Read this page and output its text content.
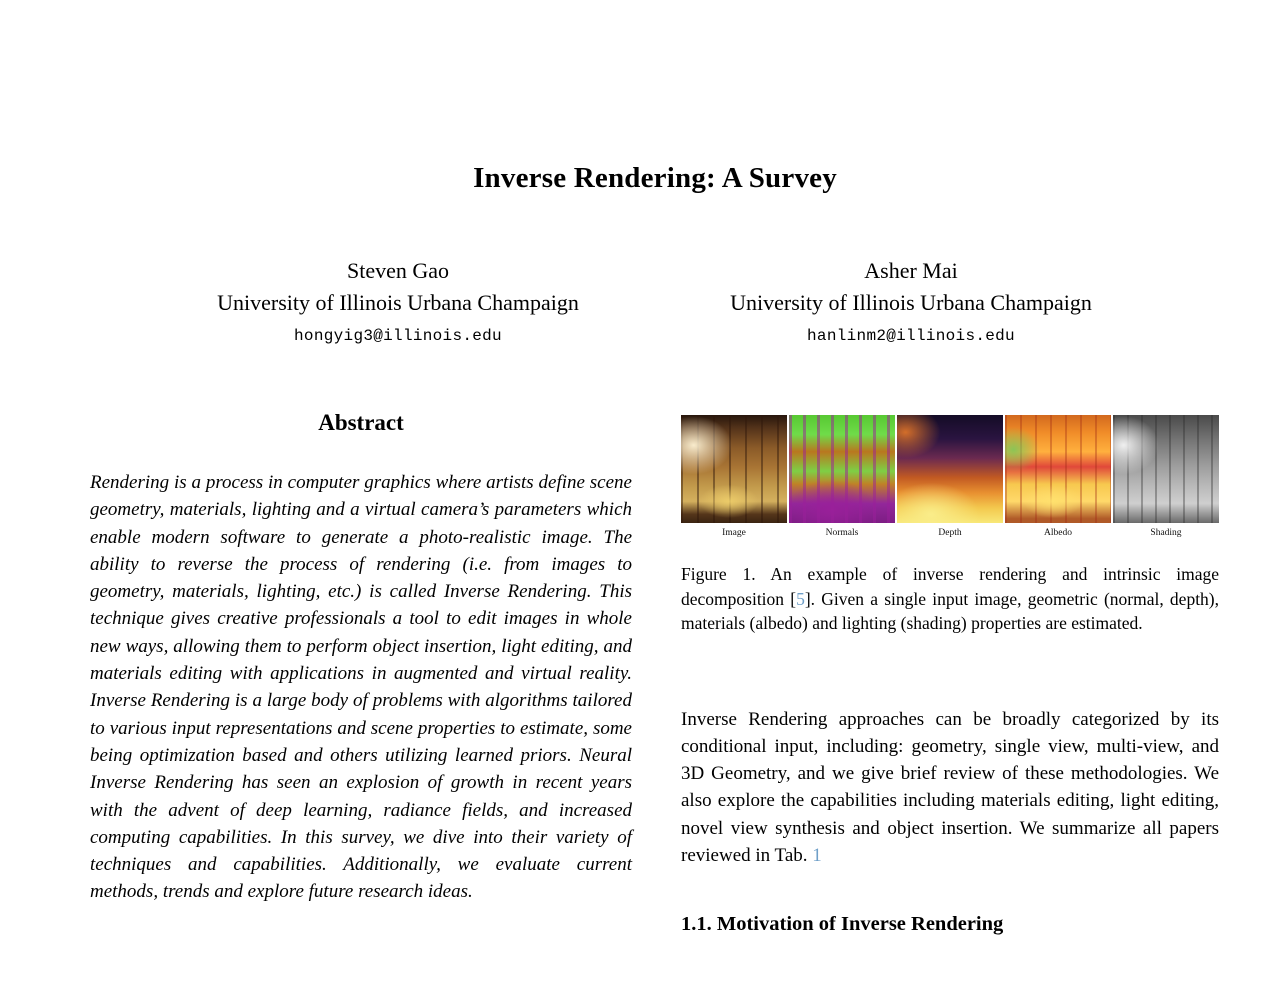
Inverse Rendering: A Survey
Steven Gao
University of Illinois Urbana Champaign
hongyig3@illinois.edu
Asher Mai
University of Illinois Urbana Champaign
hanlinm2@illinois.edu
Abstract

Rendering is a process in computer graphics where artists define scene geometry, materials, lighting and a virtual camera’s parameters which enable modern software to generate a photo-realistic image. The ability to reverse the process of rendering (i.e. from images to geometry, materials, lighting, etc.) is called Inverse Rendering. This technique gives creative professionals a tool to edit images in whole new ways, allowing them to perform object insertion, light editing, and materials editing with applications in augmented and virtual reality. Inverse Rendering is a large body of problems with algorithms tailored to various input representations and scene properties to estimate, some being optimization based and others utilizing learned priors. Neural Inverse Rendering has seen an explosion of growth in recent years with the advent of deep learning, radiance fields, and increased computing capabilities. In this survey, we dive into their variety of techniques and capabilities. Additionally, we evaluate current methods, trends and explore future research ideas.

Image	Normals	Depth	Albedo	Shading
Figure 1. An example of inverse rendering and intrinsic image decomposition [5]. Given a single input image, geometric (normal, depth), materials (albedo) and lighting (shading) properties are estimated.

Inverse Rendering approaches can be broadly categorized by its conditional input, including: geometry, single view, multi-view, and 3D Geometry, and we give brief review of these methodologies. We also explore the capabilities including materials editing, light editing, novel view synthesis and object insertion. We summarize all papers reviewed in Tab. 1

1.1. Motivation of Inverse Rendering
